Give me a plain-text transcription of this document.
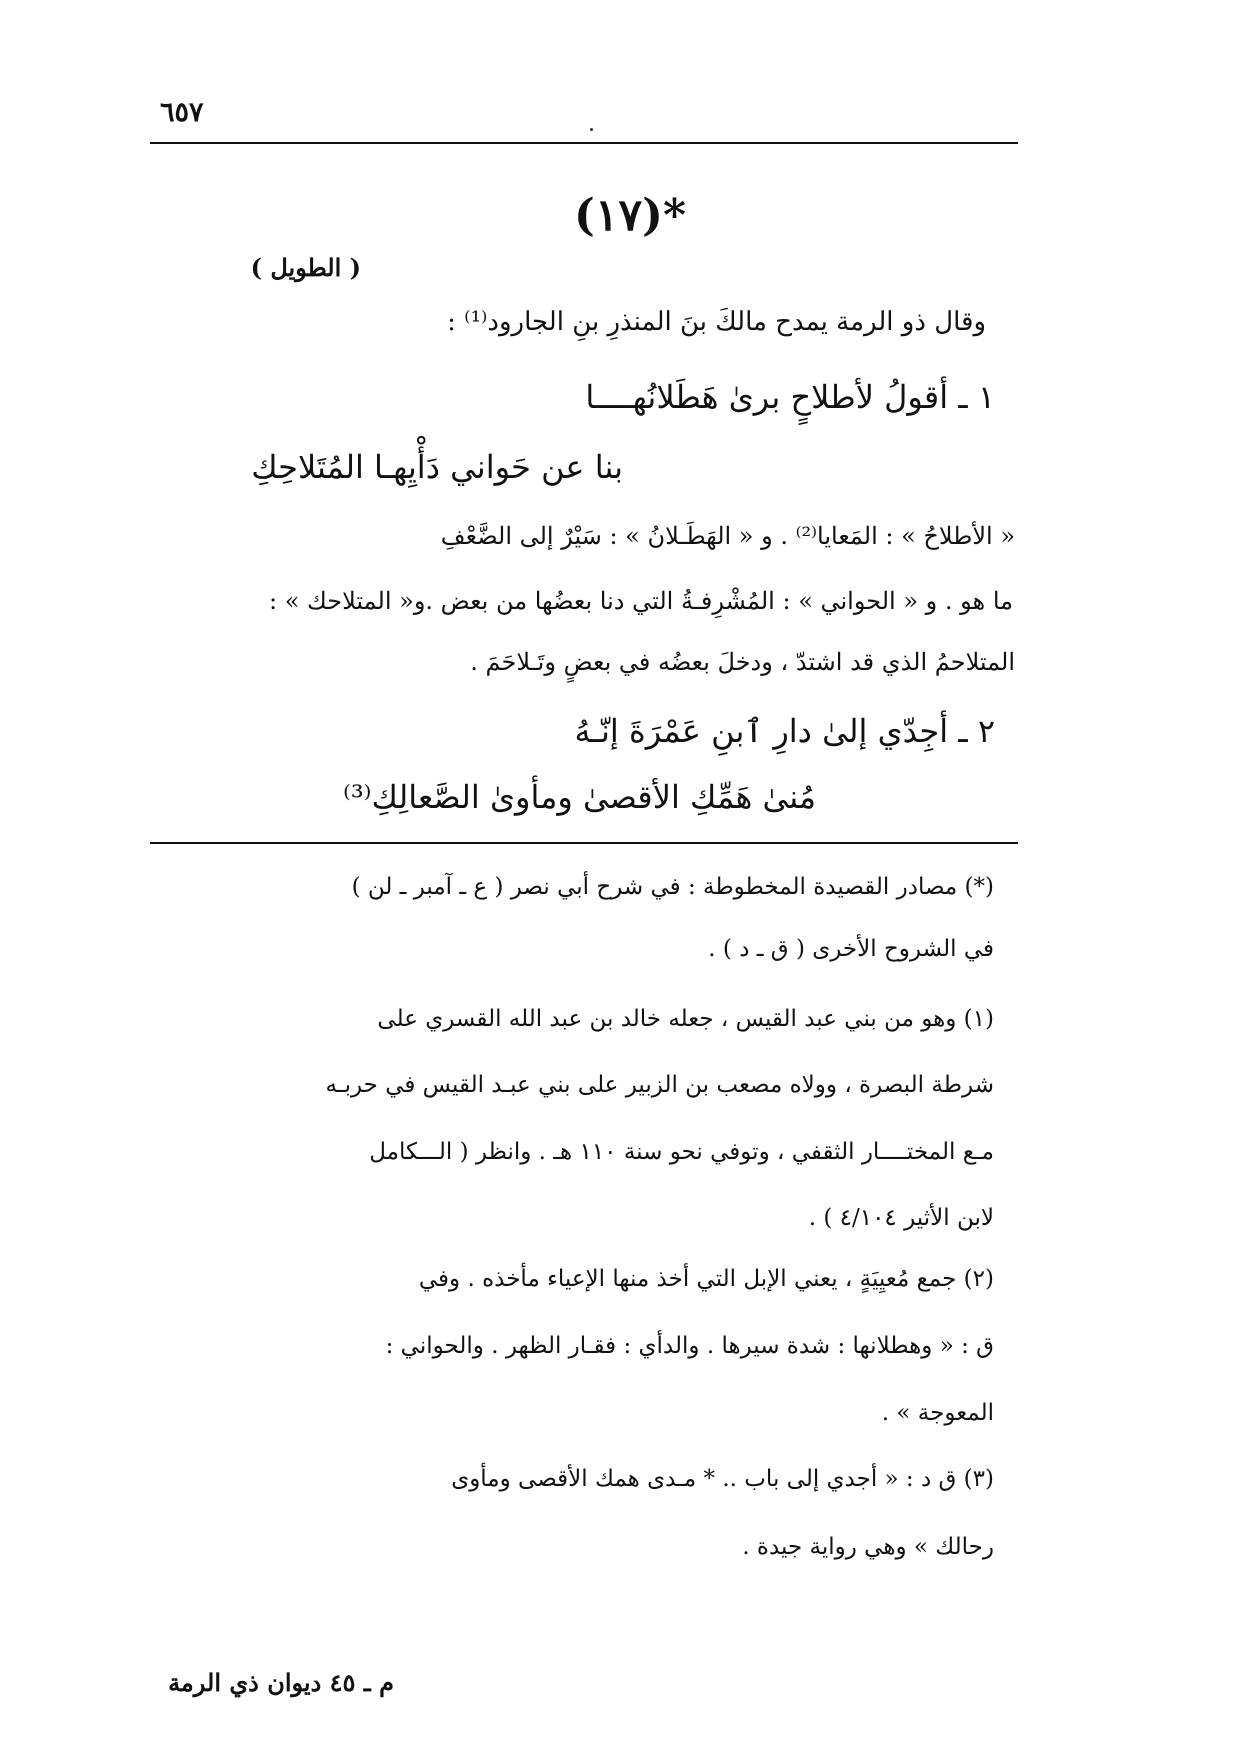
٦٥٧
*(١٧)
( الطويل )
وقال ذو الرمة يمدح مالكَ بنَ المنذرِ بنِ الجارود⁽¹⁾ :
١ ـ أقولُ لأطلاحٍ برىٰ هَطَلانُهــــا
بنا عن حَواني دَأْيِهـا المُتَلاحِكِ
« الأطلاحُ » : المَعايا⁽²⁾ . و « الهَطَـلانُ » : سَيْرٌ إلى الضَّعْفِ
ما هو . و « الحواني » : المُشْرِفـةُ التي دنا بعضُها من بعض .و« المتلاحك » :
المتلاحمُ الذي قد اشتدّ ، ودخلَ بعضُه في بعضٍ وتَـلاحَمَ .
٢ ـ أجِدّي إلىٰ دارِ ٱبنِ عَمْرَةَ إنّـهُ
مُنىٰ هَمِّكِ الأقصىٰ ومأوىٰ الصَّعالِكِ⁽³⁾
(*) مصادر القصيدة المخطوطة : في شرح أبي نصر ( ع ـ آمبر ـ لن )
في الشروح الأخرى ( ق ـ د ) .
(١) وهو من بني عبد القيس ، جعله خالد بن عبد الله القسري على
شرطة البصرة ، وولاه مصعب بن الزبير على بني عبـد القيس في حربـه
مـع المختــــار الثقفي ، وتوفي نحو سنة ١١٠ هـ . وانظر ( الـــكامل
لابن الأثير ٤/١٠٤ ) .
(٢) جمع مُعيِيَةٍ ، يعني الإبل التي أخذ منها الإعياء مأخذه . وفي
ق : « وهطلانها : شدة سيرها . والدأي : فقـار الظهر . والحواني :
المعوجة » .
(٣) ق د : « أجدي إلى باب .. * مـدى همك الأقصى ومأوى
رحالك » وهي رواية جيدة .
م ـ ٤٥ ديوان ذي الرمة
